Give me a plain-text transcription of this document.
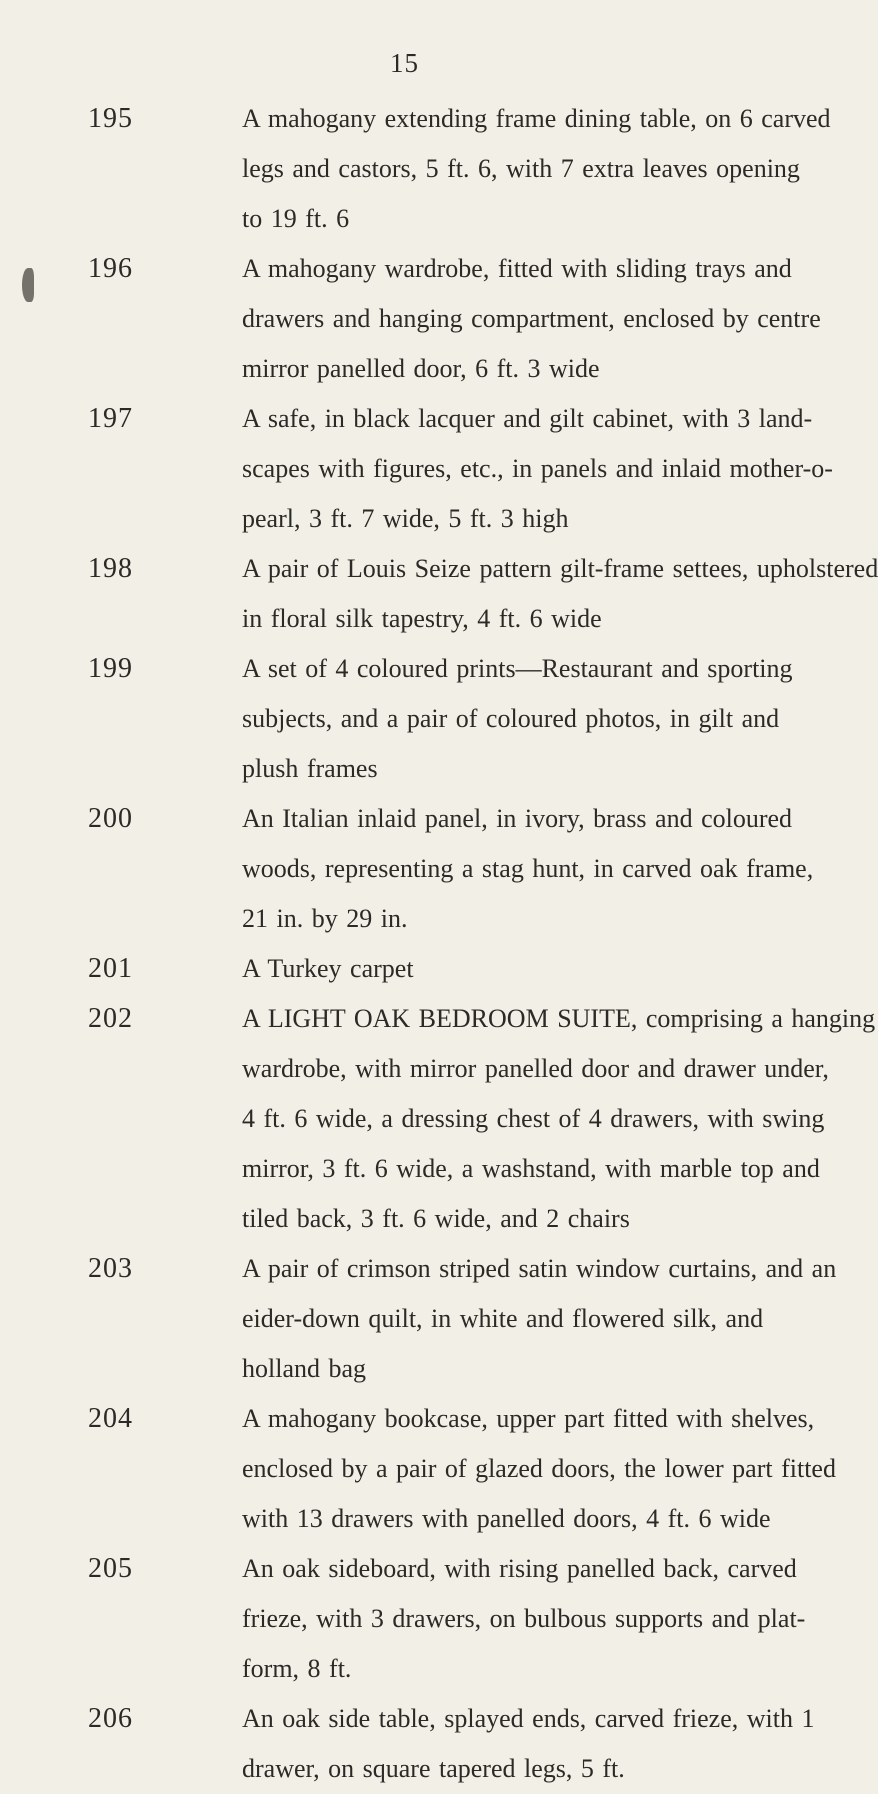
15
195	A mahogany extending frame dining table, on 6 carved
legs and castors, 5 ft. 6, with 7 extra leaves opening
to 19 ft. 6
196	A mahogany wardrobe, fitted with sliding trays and
drawers and hanging compartment, enclosed by centre
mirror panelled door, 6 ft. 3 wide
197	A safe, in black lacquer and gilt cabinet, with 3 land-
scapes with figures, etc., in panels and inlaid mother-o-
pearl, 3 ft. 7 wide, 5 ft. 3 high
198	A pair of Louis Seize pattern gilt-frame settees, upholstered
in floral silk tapestry, 4 ft. 6 wide
199	A set of 4 coloured prints—Restaurant and sporting
subjects, and a pair of coloured photos, in gilt and
plush frames
200	An Italian inlaid panel, in ivory, brass and coloured
woods, representing a stag hunt, in carved oak frame,
21 in. by 29 in.
201	A Turkey carpet
202	A LIGHT OAK BEDROOM SUITE, comprising a hanging
wardrobe, with mirror panelled door and drawer under,
4 ft. 6 wide, a dressing chest of 4 drawers, with swing
mirror, 3 ft. 6 wide, a washstand, with marble top and
tiled back, 3 ft. 6 wide, and 2 chairs
203	A pair of crimson striped satin window curtains, and an
eider-down quilt, in white and flowered silk, and
holland bag
204	A mahogany bookcase, upper part fitted with shelves,
enclosed by a pair of glazed doors, the lower part fitted
with 13 drawers with panelled doors, 4 ft. 6 wide
205	An oak sideboard, with rising panelled back, carved
frieze, with 3 drawers, on bulbous supports and plat-
form, 8 ft.
206	An oak side table, splayed ends, carved frieze, with 1
drawer, on square tapered legs, 5 ft.
